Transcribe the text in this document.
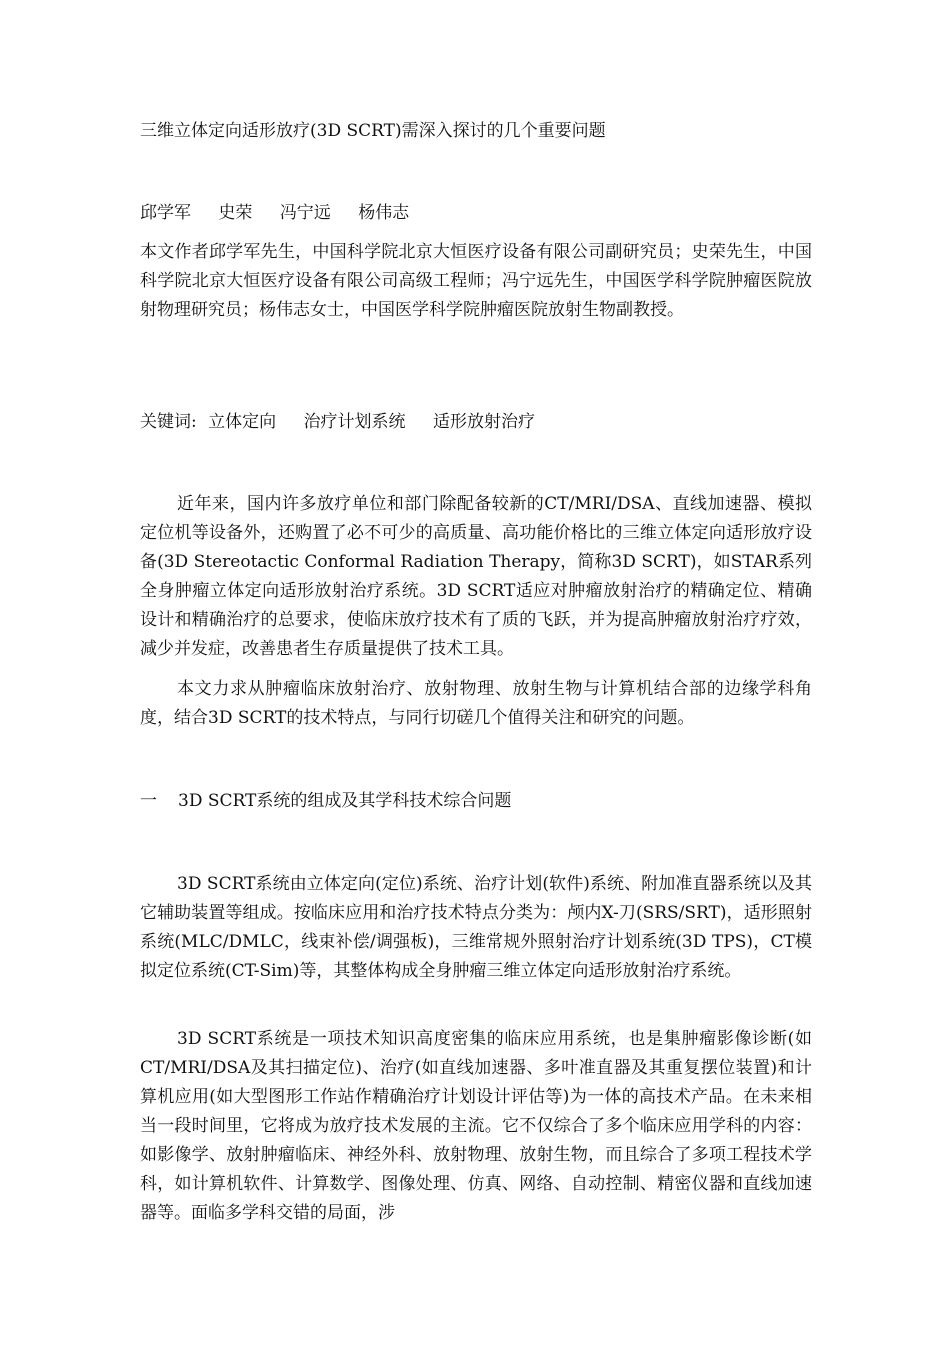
三维立体定向适形放疗(3D SCRT)需深入探讨的几个重要问题
邱学军 史荣 冯宁远 杨伟志
本文作者邱学军先生，中国科学院北京大恒医疗设备有限公司副研究员；史荣先生，中国科学院北京大恒医疗设备有限公司高级工程师；冯宁远先生，中国医学科学院肿瘤医院放射物理研究员；杨伟志女士，中国医学科学院肿瘤医院放射生物副教授。
关键词: 立体定向 治疗计划系统 适形放射治疗

近年来，国内许多放疗单位和部门除配备较新的CT/MRI/DSA、直线加速器、模拟定位机等设备外，还购置了必不可少的高质量、高功能价格比的三维立体定向适形放疗设备(3D Stereotactic Conformal Radiation Therapy，简称3D SCRT)，如STAR系列全身肿瘤立体定向适形放射治疗系统。3D SCRT适应对肿瘤放射治疗的精确定位、精确设计和精确治疗的总要求，使临床放疗技术有了质的飞跃，并为提高肿瘤放射治疗疗效，减少并发症，改善患者生存质量提供了技术工具。

本文力求从肿瘤临床放射治疗、放射物理、放射生物与计算机结合部的边缘学科角度，结合3D SCRT的技术特点，与同行切磋几个值得关注和研究的问题。

一 3D SCRT系统的组成及其学科技术综合问题

3D SCRT系统由立体定向(定位)系统、治疗计划(软件)系统、附加准直器系统以及其它辅助装置等组成。按临床应用和治疗技术特点分类为：颅内X-刀(SRS/SRT)，适形照射系统(MLC/DMLC，线束补偿/调强板)，三维常规外照射治疗计划系统(3D TPS)，CT模拟定位系统(CT-Sim)等，其整体构成全身肿瘤三维立体定向适形放射治疗系统。

3D SCRT系统是一项技术知识高度密集的临床应用系统，也是集肿瘤影像诊断(如CT/MRI/DSA及其扫描定位)、治疗(如直线加速器、多叶准直器及其重复摆位装置)和计算机应用(如大型图形工作站作精确治疗计划设计评估等)为一体的高技术产品。在未来相当一段时间里，它将成为放疗技术发展的主流。它不仅综合了多个临床应用学科的内容：如影像学、放射肿瘤临床、神经外科、放射物理、放射生物，而且综合了多项工程技术学科，如计算机软件、计算数学、图像处理、仿真、网络、自动控制、精密仪器和直线加速器等。面临多学科交错的局面，涉
